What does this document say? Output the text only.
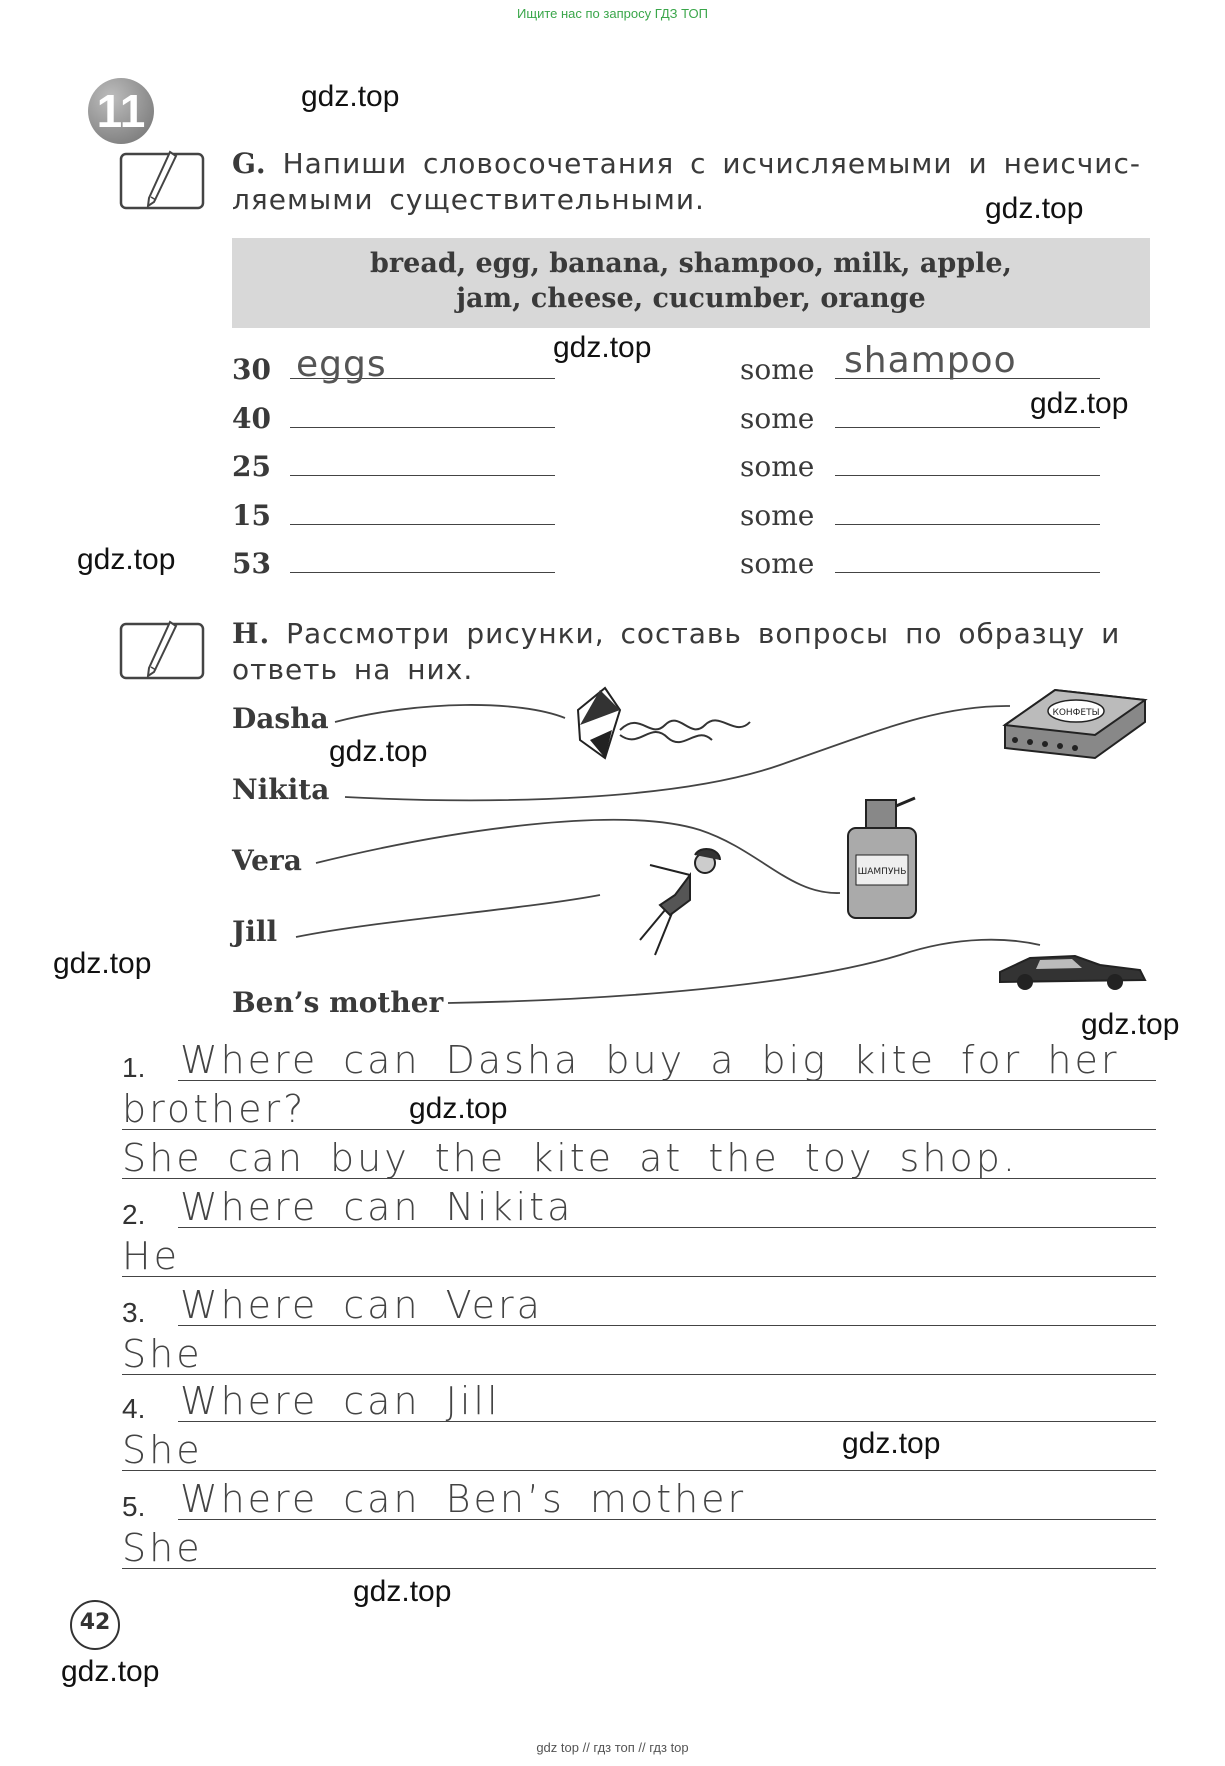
Ищите нас по запросу ГДЗ ТОП
gdz top // гдз топ // гдз top
11	gdz.top
gdz.top
gdz.top
gdz.top
gdz.top
gdz.top
gdz.top
gdz.top
gdz.top
gdz.top
gdz.top
gdz.top
G. Напиши словосочетания с исчисляемыми и неисчис-
ляемыми существительными.
bread, egg, banana, shampoo, milk, apple,
jam, cheese, cucumber, orange
30 eggs	some shampoo
40	some
25	some
15	some
53	some
H. Рассмотри рисунки, составь вопросы по образцу и
ответь на них.
Dasha
Nikita
Vera
Jill
Ben’s mother
КОНФЕТЫ
ШАМПУНЬ
1. Where can Dasha buy a big kite for her
brother?
She can buy the kite at the toy shop.
2. Where can Nikita
He
3. Where can Vera
She
4. Where can Jill
She
5. Where can Ben’s mother
She
42
